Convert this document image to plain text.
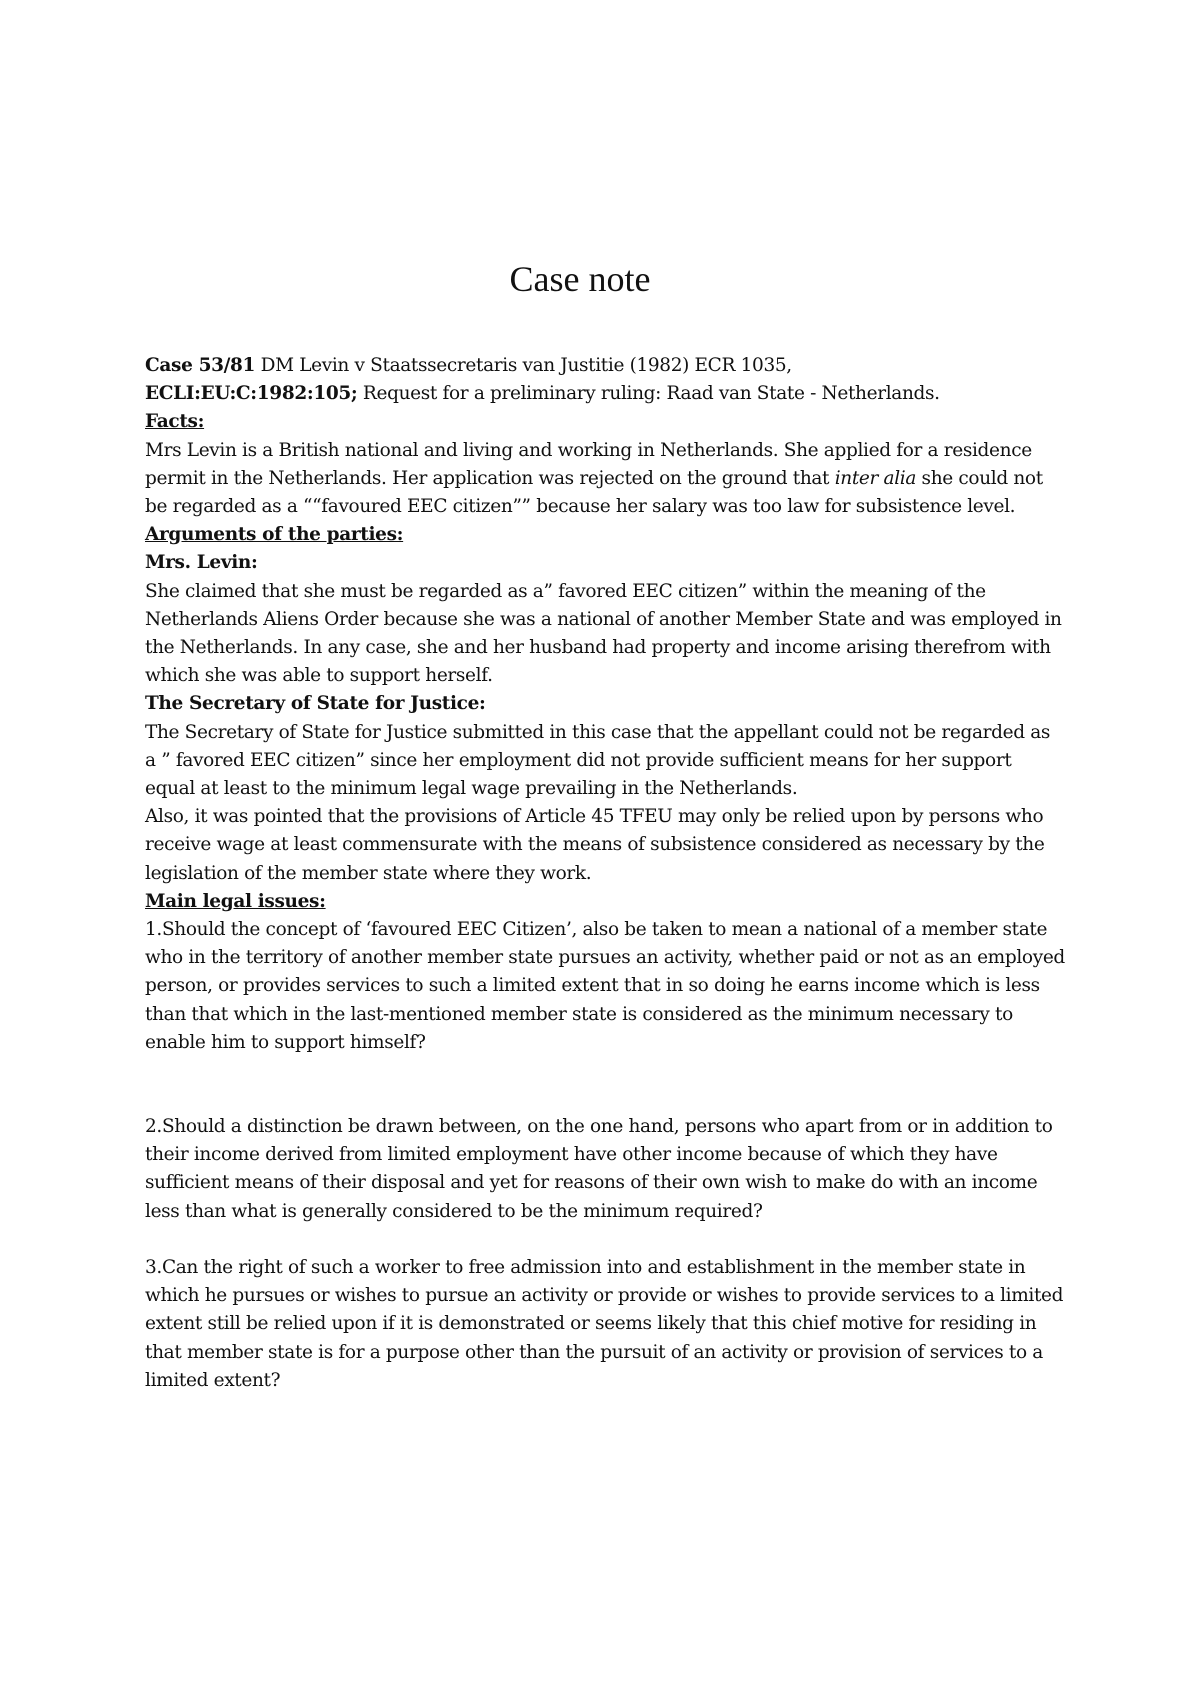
Case note

Case 53/81 DM Levin v Staatssecretaris van Justitie (1982) ECR 1035,

ECLI:EU:C:1982:105; Request for a preliminary ruling: Raad van State - Netherlands.

Facts:

Mrs Levin is a British national and living and working in Netherlands. She applied for a residence permit in the Netherlands. Her application was rejected on the ground that inter alia she could not be regarded as a ““favoured EEC citizen”” because her salary was too law for subsistence level.

Arguments of the parties:

Mrs. Levin:

She claimed that she must be regarded as a” favored EEC citizen” within the meaning of the Netherlands Aliens Order because she was a national of another Member State and was employed in the Netherlands. In any case, she and her husband had property and income arising therefrom with which she was able to support herself.

The Secretary of State for Justice:

The Secretary of State for Justice submitted in this case that the appellant could not be regarded as a ” favored EEC citizen” since her employment did not provide sufficient means for her support equal at least to the minimum legal wage prevailing in the Netherlands.

Also, it was pointed that the provisions of Article 45 TFEU may only be relied upon by persons who receive wage at least commensurate with the means of subsistence considered as necessary by the legislation of the member state where they work.

Main legal issues:

1.Should the concept of ‘favoured EEC Citizen’, also be taken to mean a national of a member state who in the territory of another member state pursues an activity, whether paid or not as an employed person, or provides services to such a limited extent that in so doing he earns income which is less than that which in the last-mentioned member state is considered as the minimum necessary to enable him to support himself?

2.Should a distinction be drawn between, on the one hand, persons who apart from or in addition to their income derived from limited employment have other income because of which they have sufficient means of their disposal and yet for reasons of their own wish to make do with an income less than what is generally considered to be the minimum required?

3.Can the right of such a worker to free admission into and establishment in the member state in which he pursues or wishes to pursue an activity or provide or wishes to provide services to a limited extent still be relied upon if it is demonstrated or seems likely that this chief motive for residing in that member state is for a purpose other than the pursuit of an activity or provision of services to a limited extent?
